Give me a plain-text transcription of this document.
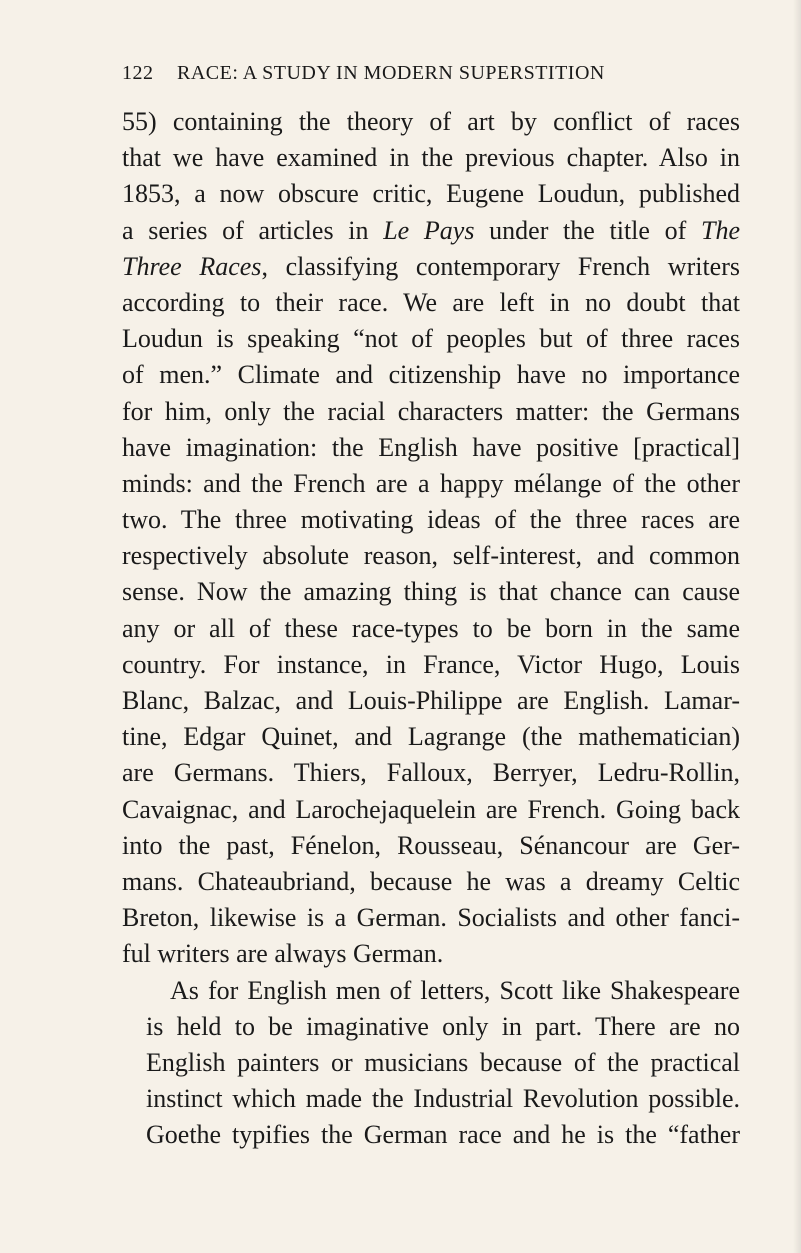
122 RACE: A STUDY IN MODERN SUPERSTITION

55) containing the theory of art by conflict of races
that we have examined in the previous chapter. Also in
1853, a now obscure critic, Eugene Loudun, published
a series of articles in Le Pays under the title of The
Three Races, classifying contemporary French writers
according to their race. We are left in no doubt that
Loudun is speaking “not of peoples but of three races
of men.” Climate and citizenship have no importance
for him, only the racial characters matter: the Germans
have imagination: the English have positive [practical]
minds: and the French are a happy mélange of the other
two. The three motivating ideas of the three races are
respectively absolute reason, self-interest, and common
sense. Now the amazing thing is that chance can cause
any or all of these race-types to be born in the same
country. For instance, in France, Victor Hugo, Louis
Blanc, Balzac, and Louis-Philippe are English. Lamar-
tine, Edgar Quinet, and Lagrange (the mathematician)
are Germans. Thiers, Falloux, Berryer, Ledru-Rollin,
Cavaignac, and Larochejaquelein are French. Going back
into the past, Fénelon, Rousseau, Sénancour are Ger-
mans. Chateaubriand, because he was a dreamy Celtic
Breton, likewise is a German. Socialists and other fanci-
ful writers are always German.

As for English men of letters, Scott like Shakespeare
is held to be imaginative only in part. There are no
English painters or musicians because of the practical
instinct which made the Industrial Revolution possible.
Goethe typifies the German race and he is the “father
